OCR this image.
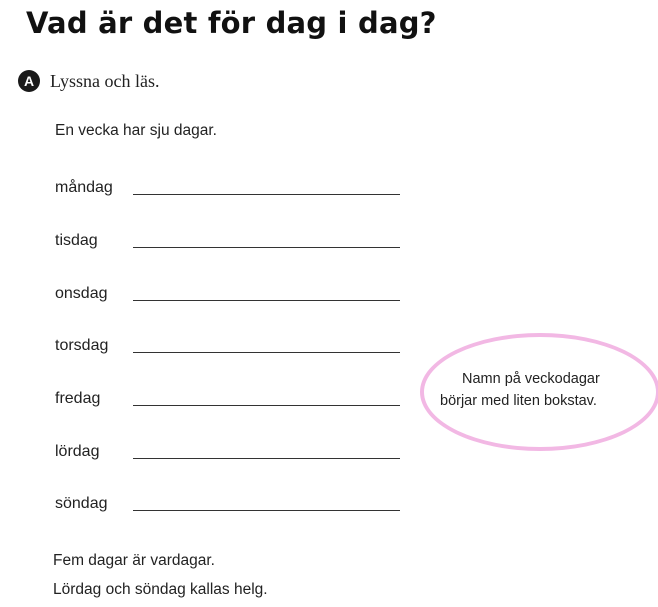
Vad är det för dag i dag?
A Lyssna och läs.
En vecka har sju dagar.
måndag
tisdag
onsdag
torsdag
fredag
lördag
söndag
Namn på veckodagar
börjar med liten bokstav.
Fem dagar är vardagar.
Lördag och söndag kallas helg.
